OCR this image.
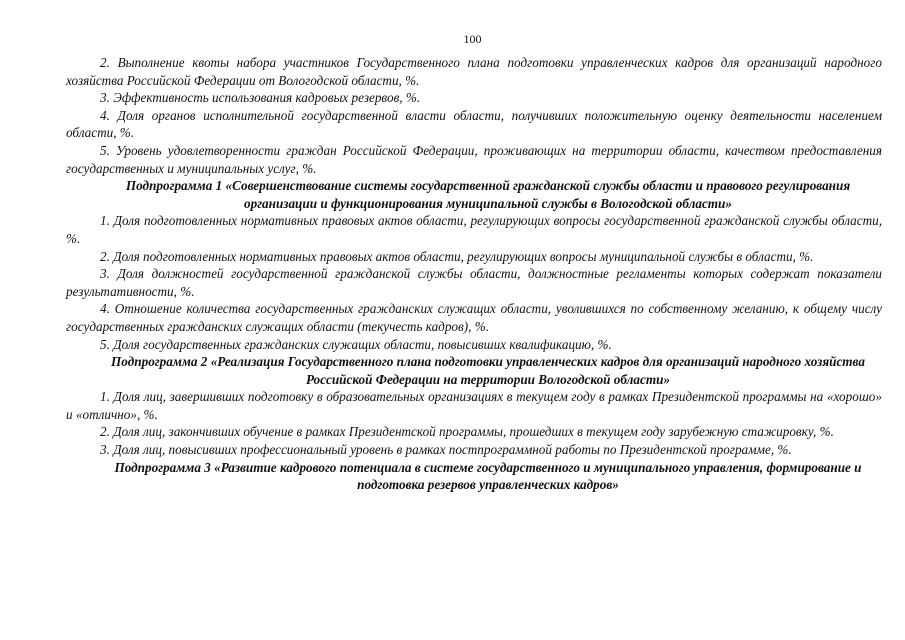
100

2. Выполнение квоты набора участников Государственного плана подготовки управленческих кадров для организаций народного хозяйства Российской Федерации от Вологодской области, %.

3. Эффективность использования кадровых резервов, %.

4. Доля органов исполнительной государственной власти области, получивших положительную оценку деятельности населением области, %.

5. Уровень удовлетворенности граждан Российской Федерации, проживающих на территории области, качеством предоставления государственных и муниципальных услуг, %.

Подпрограмма 1 «Совершенствование системы государственной гражданской службы области и правового регулирования организации и функционирования муниципальной службы в Вологодской области»

1. Доля подготовленных нормативных правовых актов области, регулирующих вопросы государственной гражданской службы области, %.

2. Доля подготовленных нормативных правовых актов области, регулирующих вопросы муниципальной службы в области, %.

3. Доля должностей государственной гражданской службы области, должностные регламенты которых содержат показатели результативности, %.

4. Отношение количества государственных гражданских служащих области, уволившихся по собственному желанию, к общему числу государственных гражданских служащих области (текучесть кадров), %.

5. Доля государственных гражданских служащих области, повысивших квалификацию, %.

Подпрограмма 2 «Реализация Государственного плана подготовки управленческих кадров для организаций народного хозяйства Российской Федерации на территории Вологодской области»

1. Доля лиц, завершивших подготовку в образовательных организациях в текущем году в рамках Президентской программы на «хорошо» и «отлично», %.

2. Доля лиц, закончивших обучение в рамках Президентской программы, прошедших в текущем году зарубежную стажировку, %.

3. Доля лиц, повысивших профессиональный уровень в рамках постпрограммной работы по Президентской программе, %.

Подпрограмма 3 «Развитие кадрового потенциала в системе государственного и муниципального управления, формирование и подготовка резервов управленческих кадров»
